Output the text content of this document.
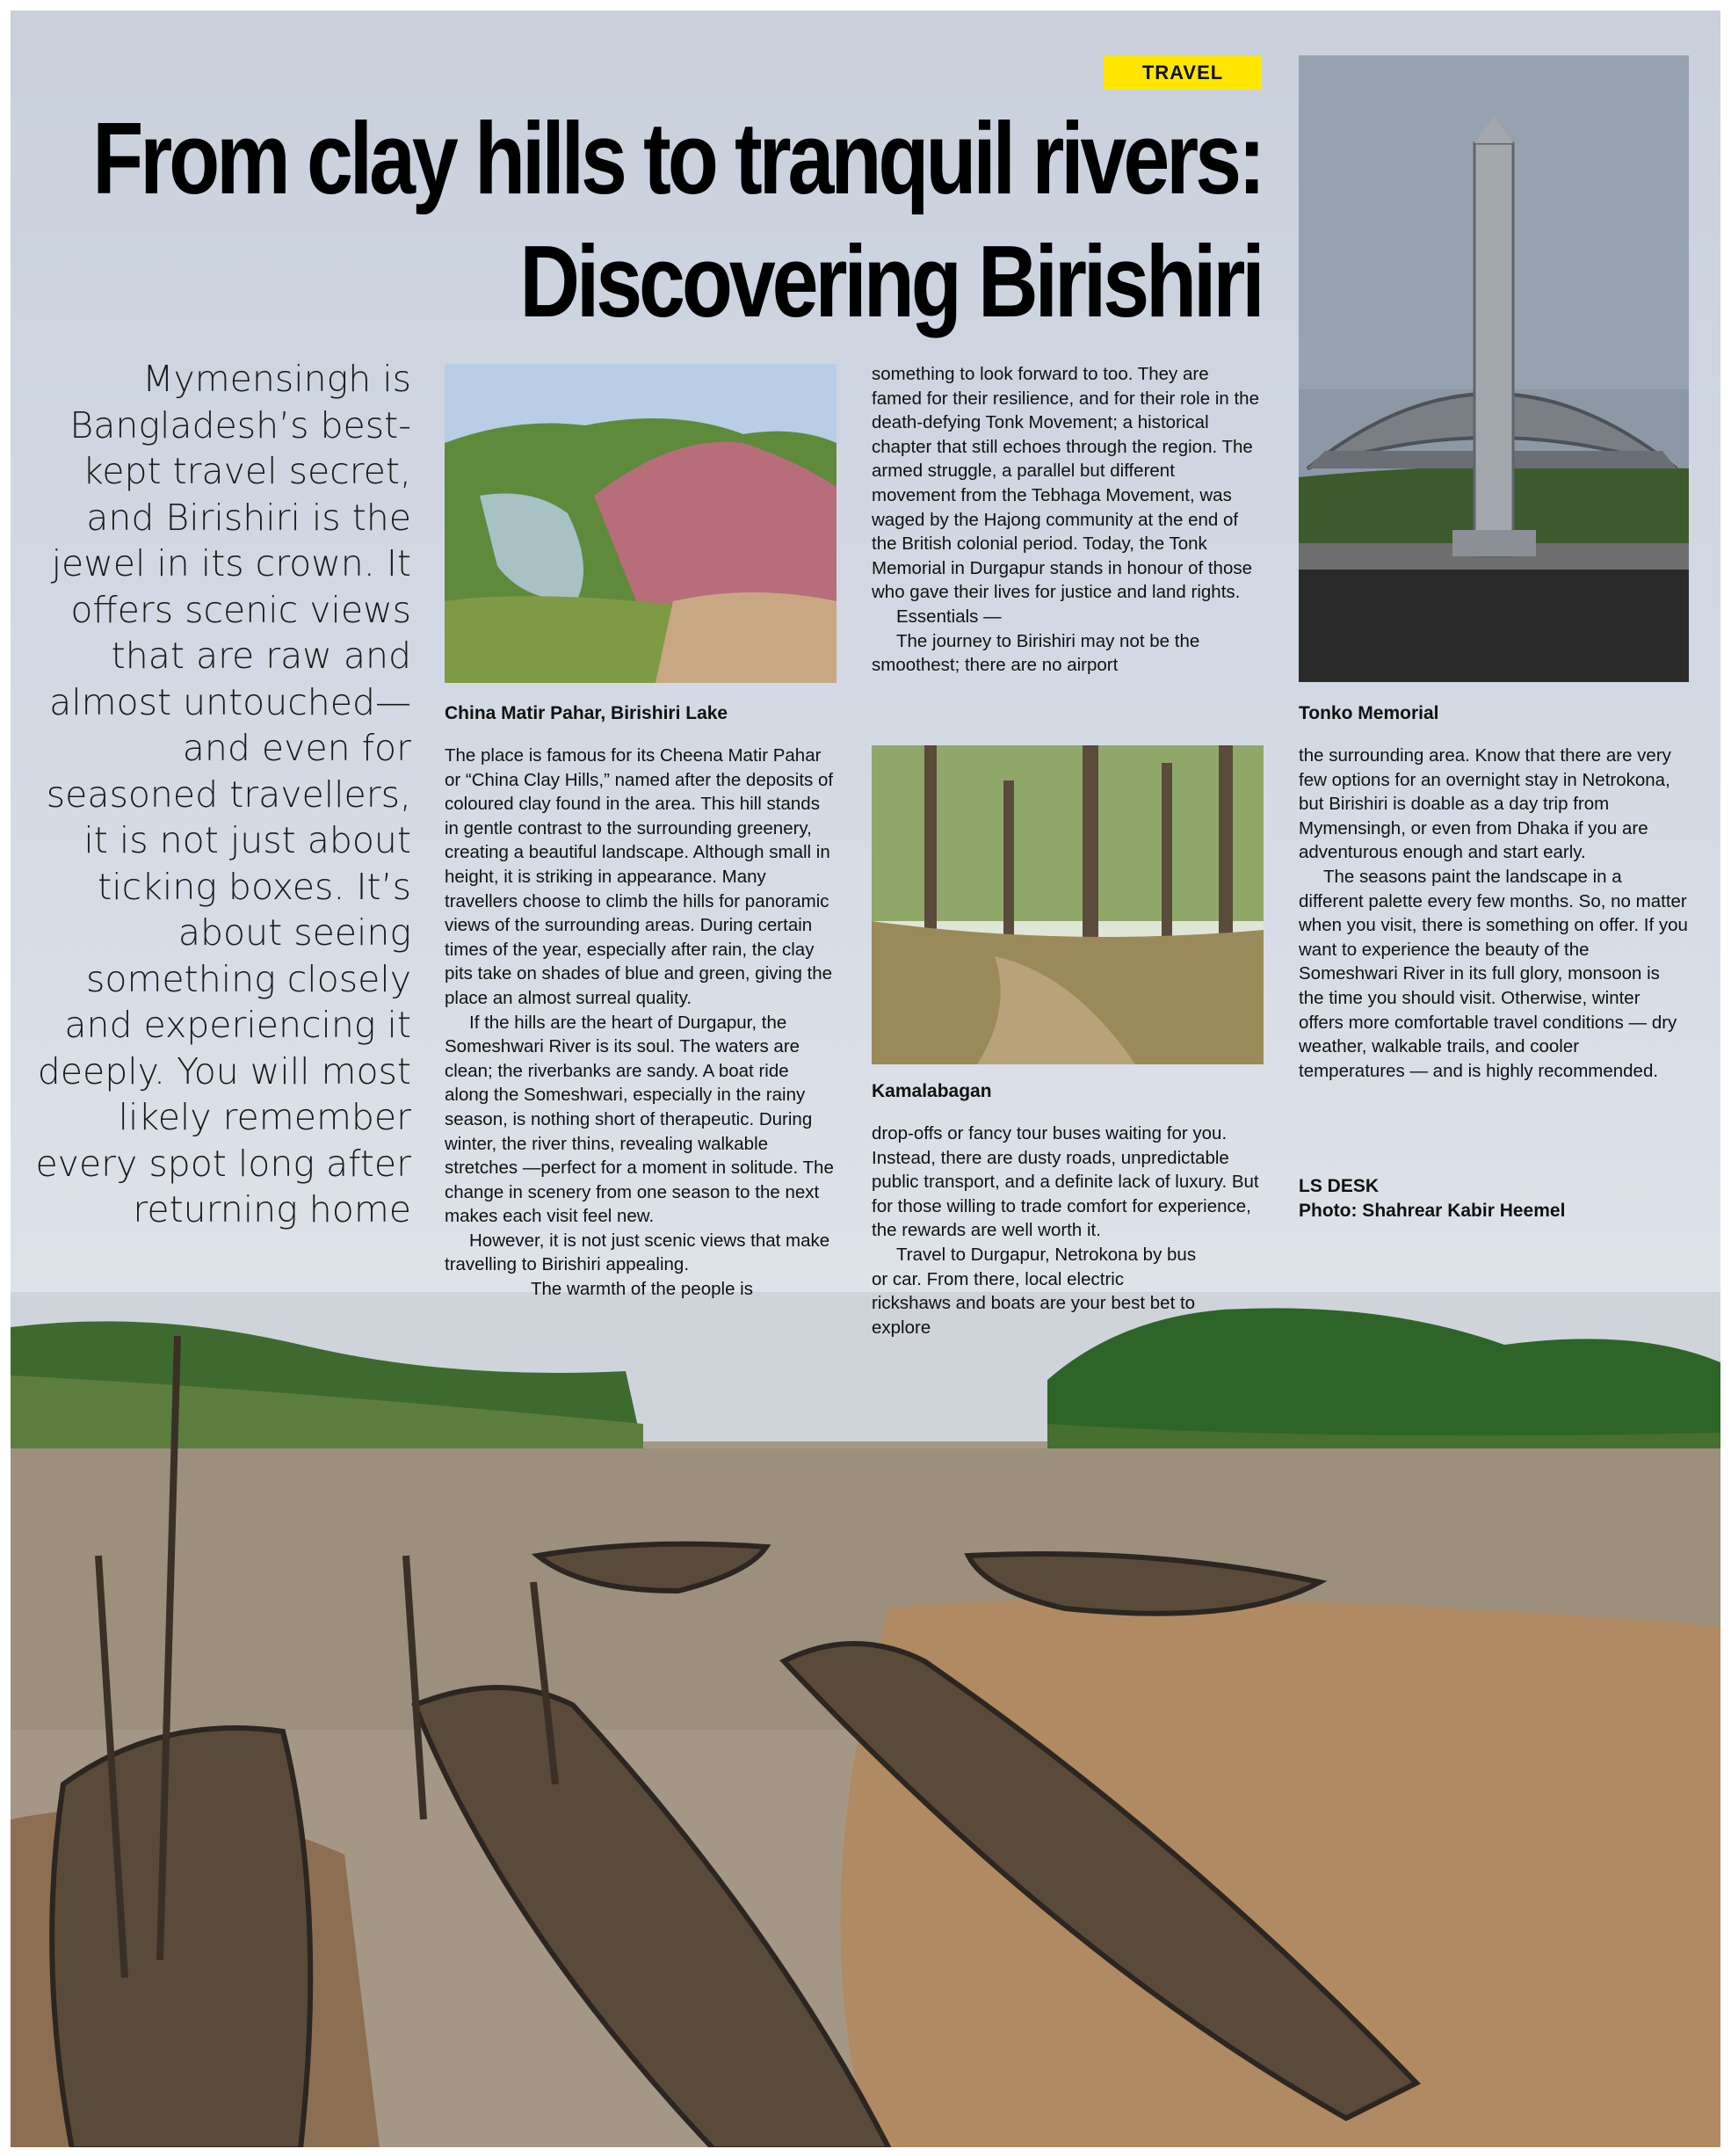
TRAVEL
From clay hills to tranquil rivers:
Discovering Birishiri
Mymensingh is Bangladesh’s best-kept travel secret, and Birishiri is the jewel in its crown. It offers scenic views that are raw and almost untouched—and even for seasoned travellers, it is not just about ticking boxes. It’s about seeing something closely and experiencing it deeply. You will most likely remember every spot long after returning home
China Matir Pahar, Birishiri Lake
Kamalabagan
Tonko Memorial

The place is famous for its Cheena Matir Pahar or “China Clay Hills,” named after the deposits of coloured clay found in the area. This hill stands in gentle contrast to the surrounding greenery, creating a beautiful landscape. Although small in height, it is striking in appearance. Many travellers choose to climb the hills for panoramic views of the surrounding areas. During certain times of the year, especially after rain, the clay pits take on shades of blue and green, giving the place an almost surreal quality.

If the hills are the heart of Durgapur, the Someshwari River is its soul. The waters are clean; the riverbanks are sandy. A boat ride along the Someshwari, especially in the rainy season, is nothing short of therapeutic. During winter, the river thins, revealing walkable stretches —perfect for a moment in solitude. The change in scenery from one season to the next makes each visit feel new.

However, it is not just scenic views that make travelling to Birishiri appealing.

The warmth of the people is

something to look forward to too. They are famed for their resilience, and for their role in the death-defying Tonk Movement; a historical chapter that still echoes through the region. The armed struggle, a parallel but different movement from the Tebhaga Movement, was waged by the Hajong community at the end of the British colonial period. Today, the Tonk Memorial in Durgapur stands in honour of those who gave their lives for justice and land rights.

Essentials —

The journey to Birishiri may not be the smoothest; there are no airport

drop-offs or fancy tour buses waiting for you. Instead, there are dusty roads, unpredictable public transport, and a definite lack of luxury. But for those willing to trade comfort for experience, the rewards are well worth it.

Travel to Durgapur, Netrokona by bus or car. From there, local electric rickshaws and boats are your best bet to explore

the surrounding area. Know that there are very few options for an overnight stay in Netrokona, but Birishiri is doable as a day trip from Mymensingh, or even from Dhaka if you are adventurous enough and start early.

The seasons paint the landscape in a different palette every few months. So, no matter when you visit, there is something on offer. If you want to experience the beauty of the Someshwari River in its full glory, monsoon is the time you should visit. Otherwise, winter offers more comfortable travel conditions — dry weather, walkable trails, and cooler temperatures — and is highly recommended.

LS DESK
Photo: Shahrear Kabir Heemel
